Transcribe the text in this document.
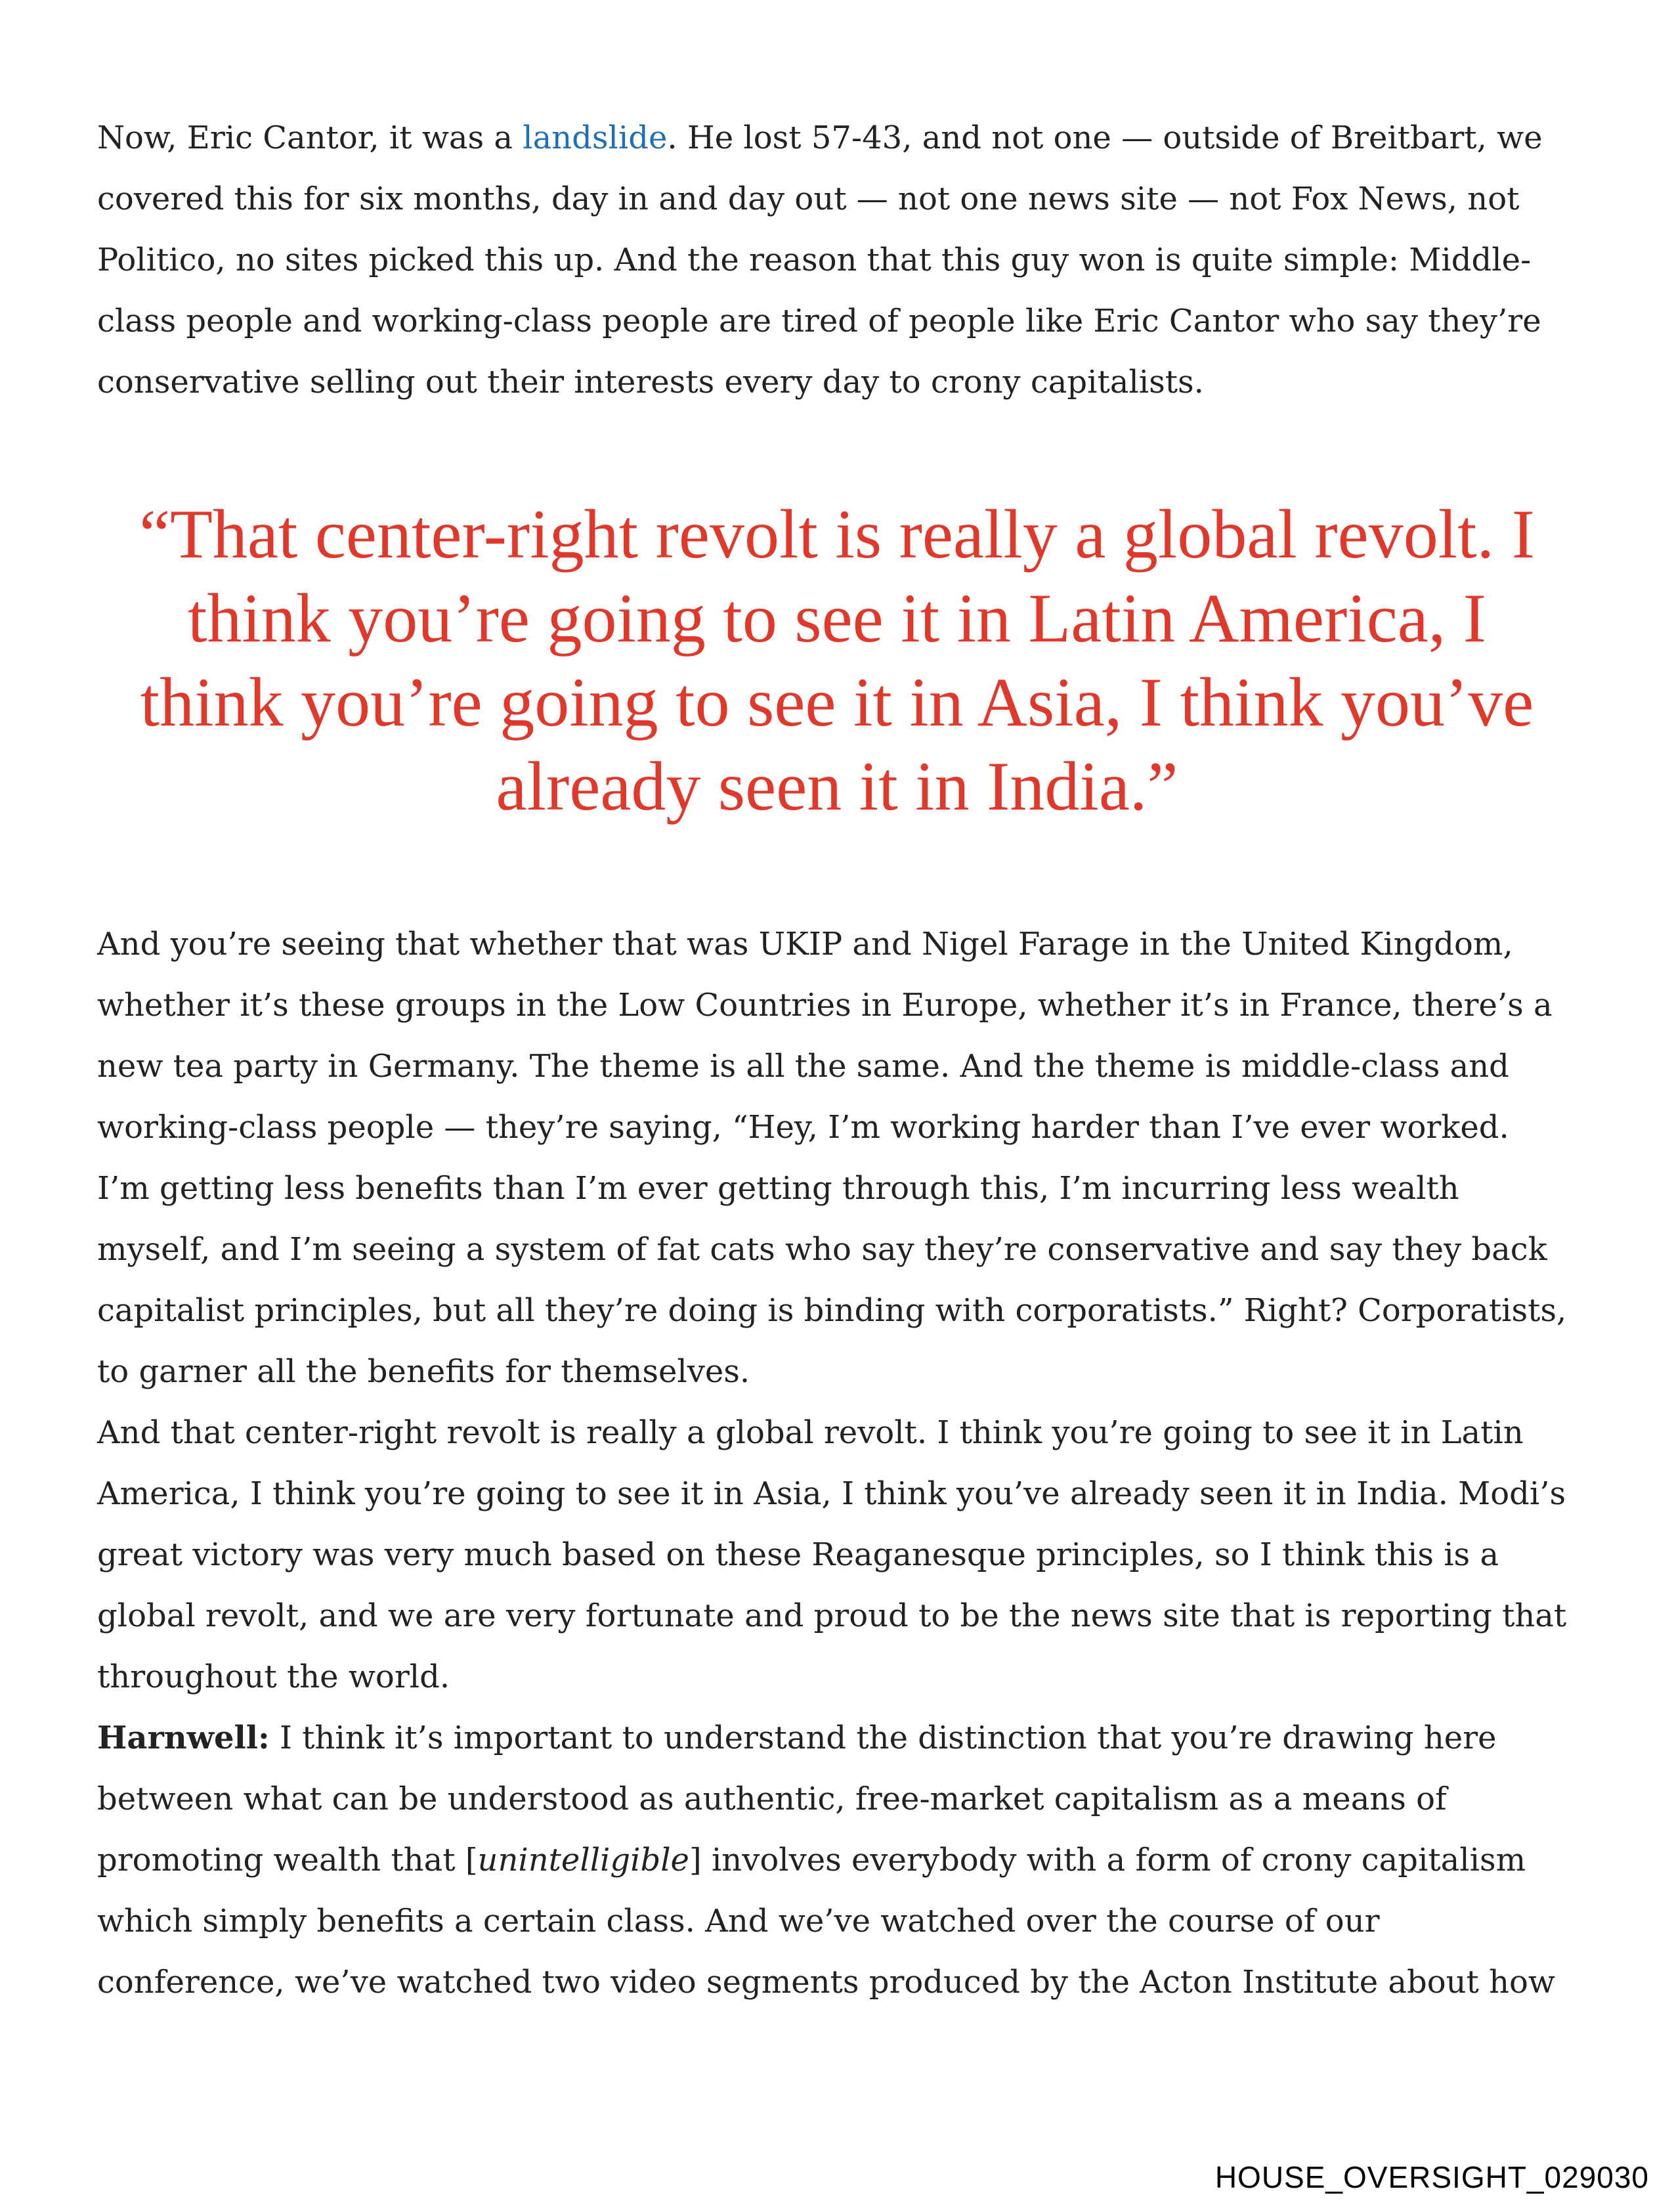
Now, Eric Cantor, it was a landslide. He lost 57-43, and not one — outside of Breitbart, we covered this for six months, day in and day out — not one news site — not Fox News, not Politico, no sites picked this up. And the reason that this guy won is quite simple: Middle-class people and working-class people are tired of people like Eric Cantor who say they’re conservative selling out their interests every day to crony capitalists.

“That center-right revolt is really a global revolt. I think you’re going to see it in Latin America, I think you’re going to see it in Asia, I think you’ve already seen it in India.”

And you’re seeing that whether that was UKIP and Nigel Farage in the United Kingdom, whether it’s these groups in the Low Countries in Europe, whether it’s in France, there’s a new tea party in Germany. The theme is all the same. And the theme is middle-class and working-class people — they’re saying, “Hey, I’m working harder than I’ve ever worked. I’m getting less benefits than I’m ever getting through this, I’m incurring less wealth myself, and I’m seeing a system of fat cats who say they’re conservative and say they back capitalist principles, but all they’re doing is binding with corporatists.” Right? Corporatists, to garner all the benefits for themselves.

And that center-right revolt is really a global revolt. I think you’re going to see it in Latin America, I think you’re going to see it in Asia, I think you’ve already seen it in India. Modi’s great victory was very much based on these Reaganesque principles, so I think this is a global revolt, and we are very fortunate and proud to be the news site that is reporting that throughout the world.

Harnwell: I think it’s important to understand the distinction that you’re drawing here between what can be understood as authentic, free-market capitalism as a means of promoting wealth that [unintelligible] involves everybody with a form of crony capitalism which simply benefits a certain class. And we’ve watched over the course of our conference, we’ve watched two video segments produced by the Acton Institute about how

HOUSE_OVERSIGHT_029030
